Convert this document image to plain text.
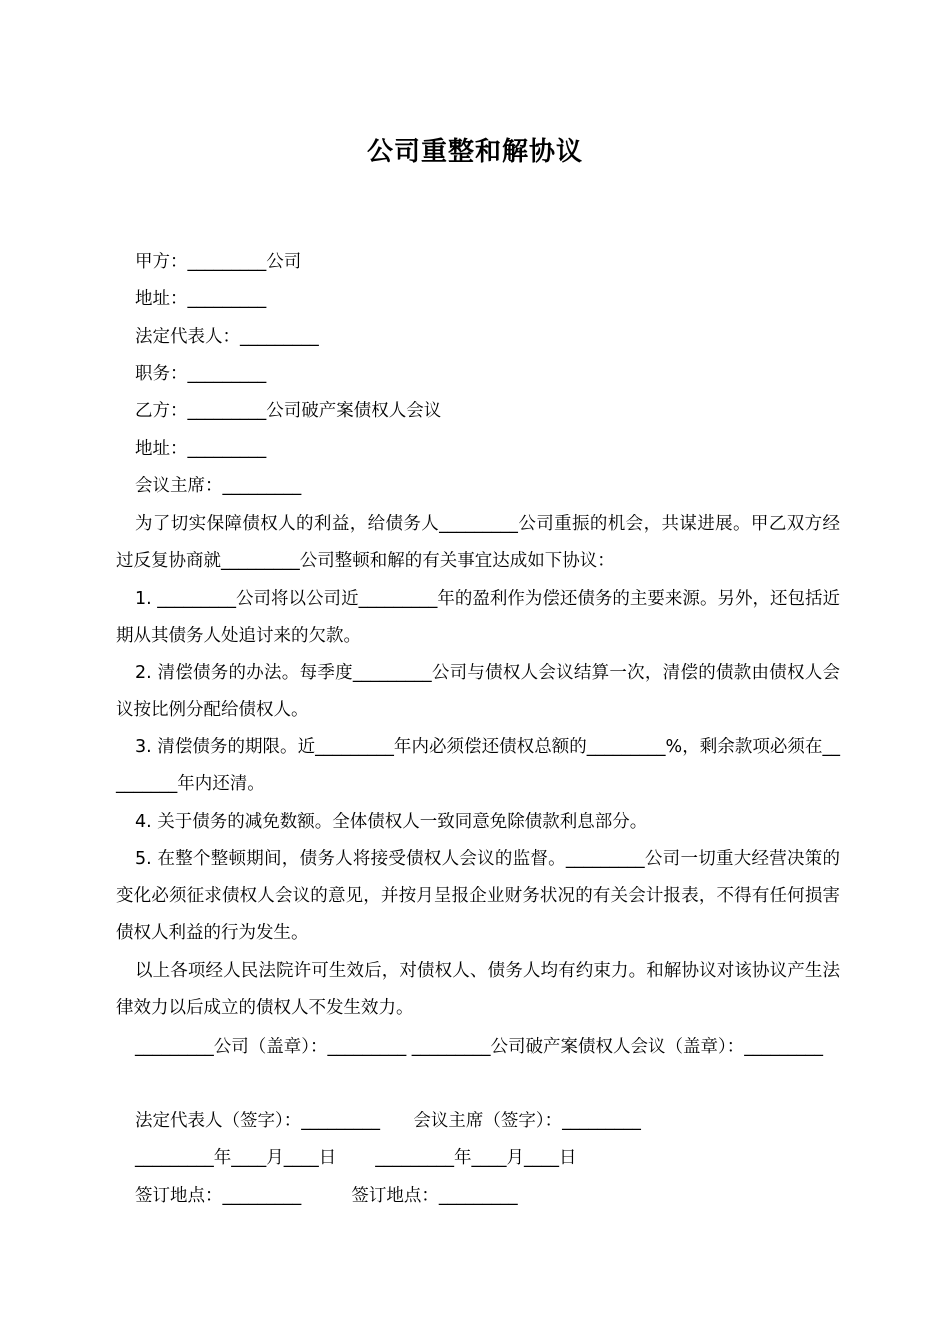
公司重整和解协议
甲方：_________公司
地址：_________
法定代表人：_________
职务：_________
乙方：_________公司破产案债权人会议
地址：_________
会议主席：_________
为了切实保障债权人的利益，给债务人_________公司重振的机会，共谋进展。甲乙双方经过反复协商就_________公司整顿和解的有关事宜达成如下协议：
1. _________公司将以公司近_________年的盈利作为偿还债务的主要来源。另外，还包括近期从其债务人处追讨来的欠款。
2. 清偿债务的办法。每季度_________公司与债权人会议结算一次，清偿的债款由债权人会议按比例分配给债权人。
3. 清偿债务的期限。近_________年内必须偿还债权总额的_________%，剩余款项必须在_________年内还清。
4. 关于债务的减免数额。全体债权人一致同意免除债款利息部分。
5. 在整个整顿期间，债务人将接受债权人会议的监督。_________公司一切重大经营决策的变化必须征求债权人会议的意见，并按月呈报企业财务状况的有关会计报表，不得有任何损害债权人利益的行为发生。
以上各项经人民法院许可生效后，对债权人、债务人均有约束力。和解协议对该协议产生法律效力以后成立的债权人不发生效力。
_________公司（盖章）：_________ _________公司破产案债权人会议（盖章）：_________
法定代表人（签字）：_________      会议主席（签字）：_________
_________年____月____日       _________年____月____日
签订地点：_________         签订地点：_________
